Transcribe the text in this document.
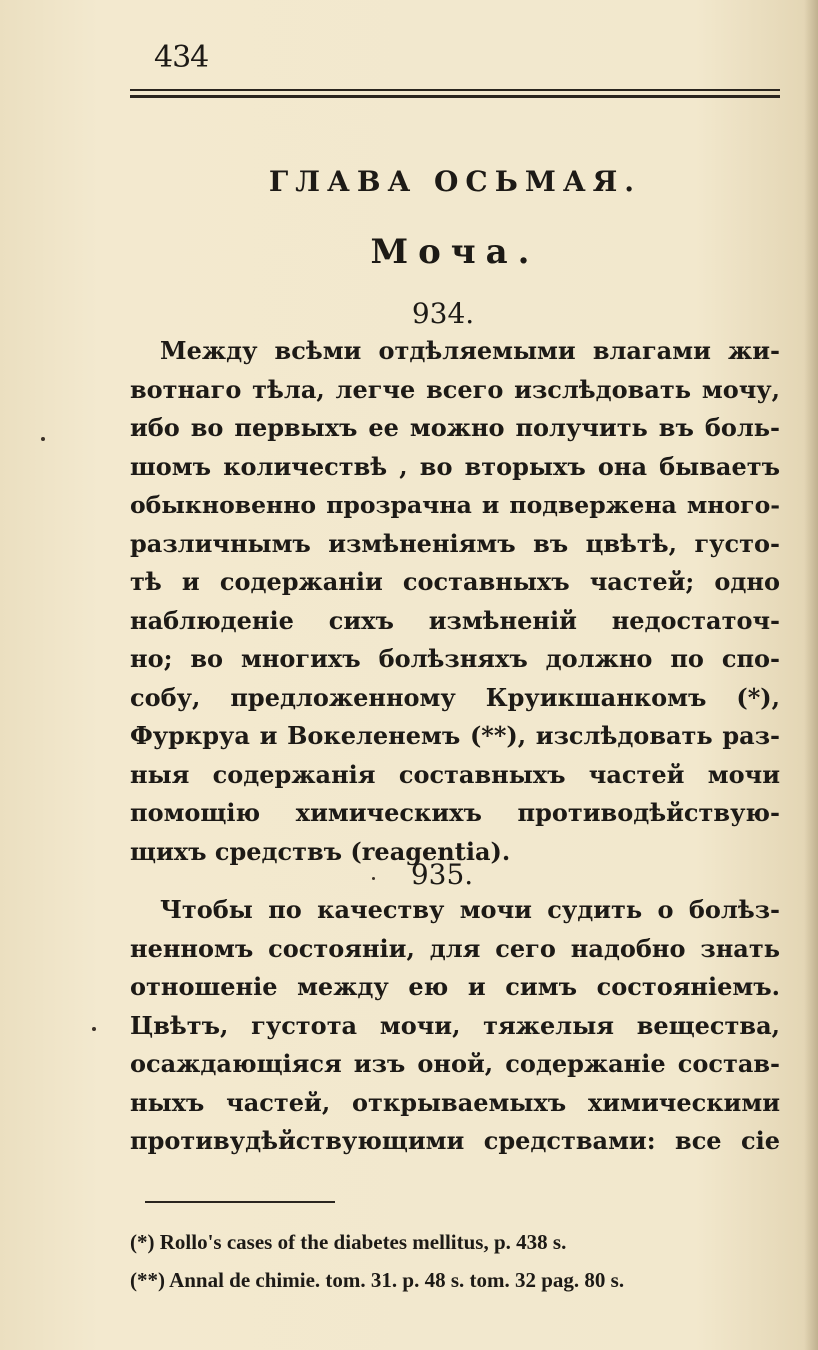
434
ГЛАВА ОСЬМАЯ.
Моча.
934.
Между всѣми отдѣляемыми влагами жи-
вотнаго тѣла, легче всего изслѣдовать мочу,
ибо во первыхъ ее можно получить въ боль-
шомъ количествѣ , во вторыхъ она бываетъ
обыкновенно прозрачна и подвержена много-
различнымъ измѣненіямъ въ цвѣтѣ, густо-
тѣ и содержаніи составныхъ частей; одно
наблюденіе сихъ измѣненій недостаточ-
но; во многихъ болѣзняхъ должно по спо-
собу, предложенному Круикшанкомъ (*),
Фуркруа и Вокеленемъ (**), изслѣдовать раз-
ныя содержанія составныхъ частей мочи
помощію химическихъ противодѣйствую-
щихъ средствъ (reagentia).
935.
Чтобы по качеству мочи судить о болѣз-
ненномъ состояніи, для сего надобно знать
отношеніе между ею и симъ состояніемъ.
Цвѣтъ, густота мочи, тяжелыя вещества,
осаждающіяся изъ оной, содержаніе состав-
ныхъ частей, открываемыхъ химическими
противудѣйствующими средствами: все сіе
(*) Rollo's cases of the diabetes mellitus, p. 438 s.
(**) Annal de chimie. tom. 31. p. 48 s. tom. 32 pag. 80 s.
